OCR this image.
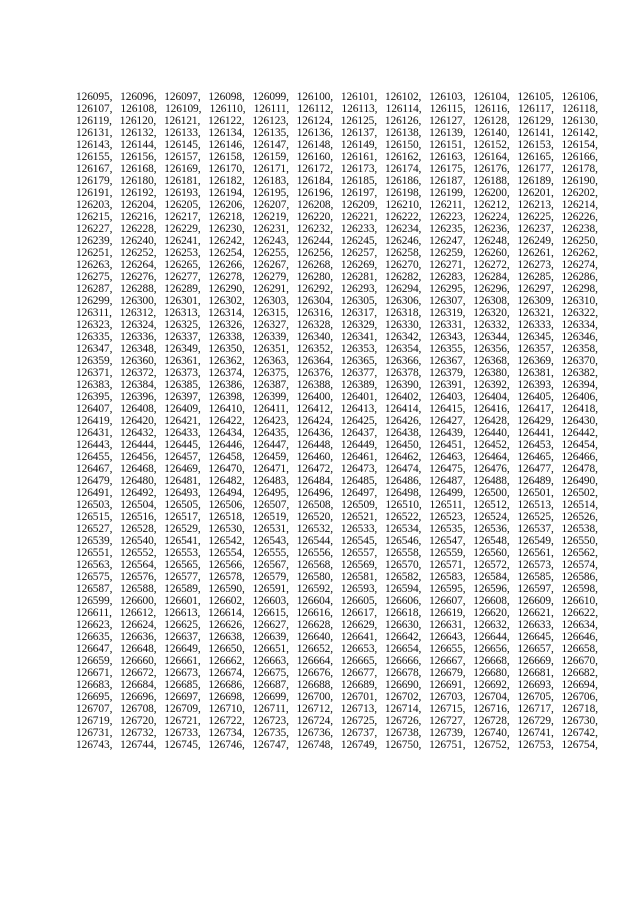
126095, 126096, 126097, 126098, 126099, 126100, 126101, 126102, 126103, 126104, 126105, 126106,
126107, 126108, 126109, 126110, 126111, 126112, 126113, 126114, 126115, 126116, 126117, 126118,
126119, 126120, 126121, 126122, 126123, 126124, 126125, 126126, 126127, 126128, 126129, 126130,
126131, 126132, 126133, 126134, 126135, 126136, 126137, 126138, 126139, 126140, 126141, 126142,
126143, 126144, 126145, 126146, 126147, 126148, 126149, 126150, 126151, 126152, 126153, 126154,
126155, 126156, 126157, 126158, 126159, 126160, 126161, 126162, 126163, 126164, 126165, 126166,
126167, 126168, 126169, 126170, 126171, 126172, 126173, 126174, 126175, 126176, 126177, 126178,
126179, 126180, 126181, 126182, 126183, 126184, 126185, 126186, 126187, 126188, 126189, 126190,
126191, 126192, 126193, 126194, 126195, 126196, 126197, 126198, 126199, 126200, 126201, 126202,
126203, 126204, 126205, 126206, 126207, 126208, 126209, 126210, 126211, 126212, 126213, 126214,
126215, 126216, 126217, 126218, 126219, 126220, 126221, 126222, 126223, 126224, 126225, 126226,
126227, 126228, 126229, 126230, 126231, 126232, 126233, 126234, 126235, 126236, 126237, 126238,
126239, 126240, 126241, 126242, 126243, 126244, 126245, 126246, 126247, 126248, 126249, 126250,
126251, 126252, 126253, 126254, 126255, 126256, 126257, 126258, 126259, 126260, 126261, 126262,
126263, 126264, 126265, 126266, 126267, 126268, 126269, 126270, 126271, 126272, 126273, 126274,
126275, 126276, 126277, 126278, 126279, 126280, 126281, 126282, 126283, 126284, 126285, 126286,
126287, 126288, 126289, 126290, 126291, 126292, 126293, 126294, 126295, 126296, 126297, 126298,
126299, 126300, 126301, 126302, 126303, 126304, 126305, 126306, 126307, 126308, 126309, 126310,
126311, 126312, 126313, 126314, 126315, 126316, 126317, 126318, 126319, 126320, 126321, 126322,
126323, 126324, 126325, 126326, 126327, 126328, 126329, 126330, 126331, 126332, 126333, 126334,
126335, 126336, 126337, 126338, 126339, 126340, 126341, 126342, 126343, 126344, 126345, 126346,
126347, 126348, 126349, 126350, 126351, 126352, 126353, 126354, 126355, 126356, 126357, 126358,
126359, 126360, 126361, 126362, 126363, 126364, 126365, 126366, 126367, 126368, 126369, 126370,
126371, 126372, 126373, 126374, 126375, 126376, 126377, 126378, 126379, 126380, 126381, 126382,
126383, 126384, 126385, 126386, 126387, 126388, 126389, 126390, 126391, 126392, 126393, 126394,
126395, 126396, 126397, 126398, 126399, 126400, 126401, 126402, 126403, 126404, 126405, 126406,
126407, 126408, 126409, 126410, 126411, 126412, 126413, 126414, 126415, 126416, 126417, 126418,
126419, 126420, 126421, 126422, 126423, 126424, 126425, 126426, 126427, 126428, 126429, 126430,
126431, 126432, 126433, 126434, 126435, 126436, 126437, 126438, 126439, 126440, 126441, 126442,
126443, 126444, 126445, 126446, 126447, 126448, 126449, 126450, 126451, 126452, 126453, 126454,
126455, 126456, 126457, 126458, 126459, 126460, 126461, 126462, 126463, 126464, 126465, 126466,
126467, 126468, 126469, 126470, 126471, 126472, 126473, 126474, 126475, 126476, 126477, 126478,
126479, 126480, 126481, 126482, 126483, 126484, 126485, 126486, 126487, 126488, 126489, 126490,
126491, 126492, 126493, 126494, 126495, 126496, 126497, 126498, 126499, 126500, 126501, 126502,
126503, 126504, 126505, 126506, 126507, 126508, 126509, 126510, 126511, 126512, 126513, 126514,
126515, 126516, 126517, 126518, 126519, 126520, 126521, 126522, 126523, 126524, 126525, 126526,
126527, 126528, 126529, 126530, 126531, 126532, 126533, 126534, 126535, 126536, 126537, 126538,
126539, 126540, 126541, 126542, 126543, 126544, 126545, 126546, 126547, 126548, 126549, 126550,
126551, 126552, 126553, 126554, 126555, 126556, 126557, 126558, 126559, 126560, 126561, 126562,
126563, 126564, 126565, 126566, 126567, 126568, 126569, 126570, 126571, 126572, 126573, 126574,
126575, 126576, 126577, 126578, 126579, 126580, 126581, 126582, 126583, 126584, 126585, 126586,
126587, 126588, 126589, 126590, 126591, 126592, 126593, 126594, 126595, 126596, 126597, 126598,
126599, 126600, 126601, 126602, 126603, 126604, 126605, 126606, 126607, 126608, 126609, 126610,
126611, 126612, 126613, 126614, 126615, 126616, 126617, 126618, 126619, 126620, 126621, 126622,
126623, 126624, 126625, 126626, 126627, 126628, 126629, 126630, 126631, 126632, 126633, 126634,
126635, 126636, 126637, 126638, 126639, 126640, 126641, 126642, 126643, 126644, 126645, 126646,
126647, 126648, 126649, 126650, 126651, 126652, 126653, 126654, 126655, 126656, 126657, 126658,
126659, 126660, 126661, 126662, 126663, 126664, 126665, 126666, 126667, 126668, 126669, 126670,
126671, 126672, 126673, 126674, 126675, 126676, 126677, 126678, 126679, 126680, 126681, 126682,
126683, 126684, 126685, 126686, 126687, 126688, 126689, 126690, 126691, 126692, 126693, 126694,
126695, 126696, 126697, 126698, 126699, 126700, 126701, 126702, 126703, 126704, 126705, 126706,
126707, 126708, 126709, 126710, 126711, 126712, 126713, 126714, 126715, 126716, 126717, 126718,
126719, 126720, 126721, 126722, 126723, 126724, 126725, 126726, 126727, 126728, 126729, 126730,
126731, 126732, 126733, 126734, 126735, 126736, 126737, 126738, 126739, 126740, 126741, 126742,
126743, 126744, 126745, 126746, 126747, 126748, 126749, 126750, 126751, 126752, 126753, 126754,
